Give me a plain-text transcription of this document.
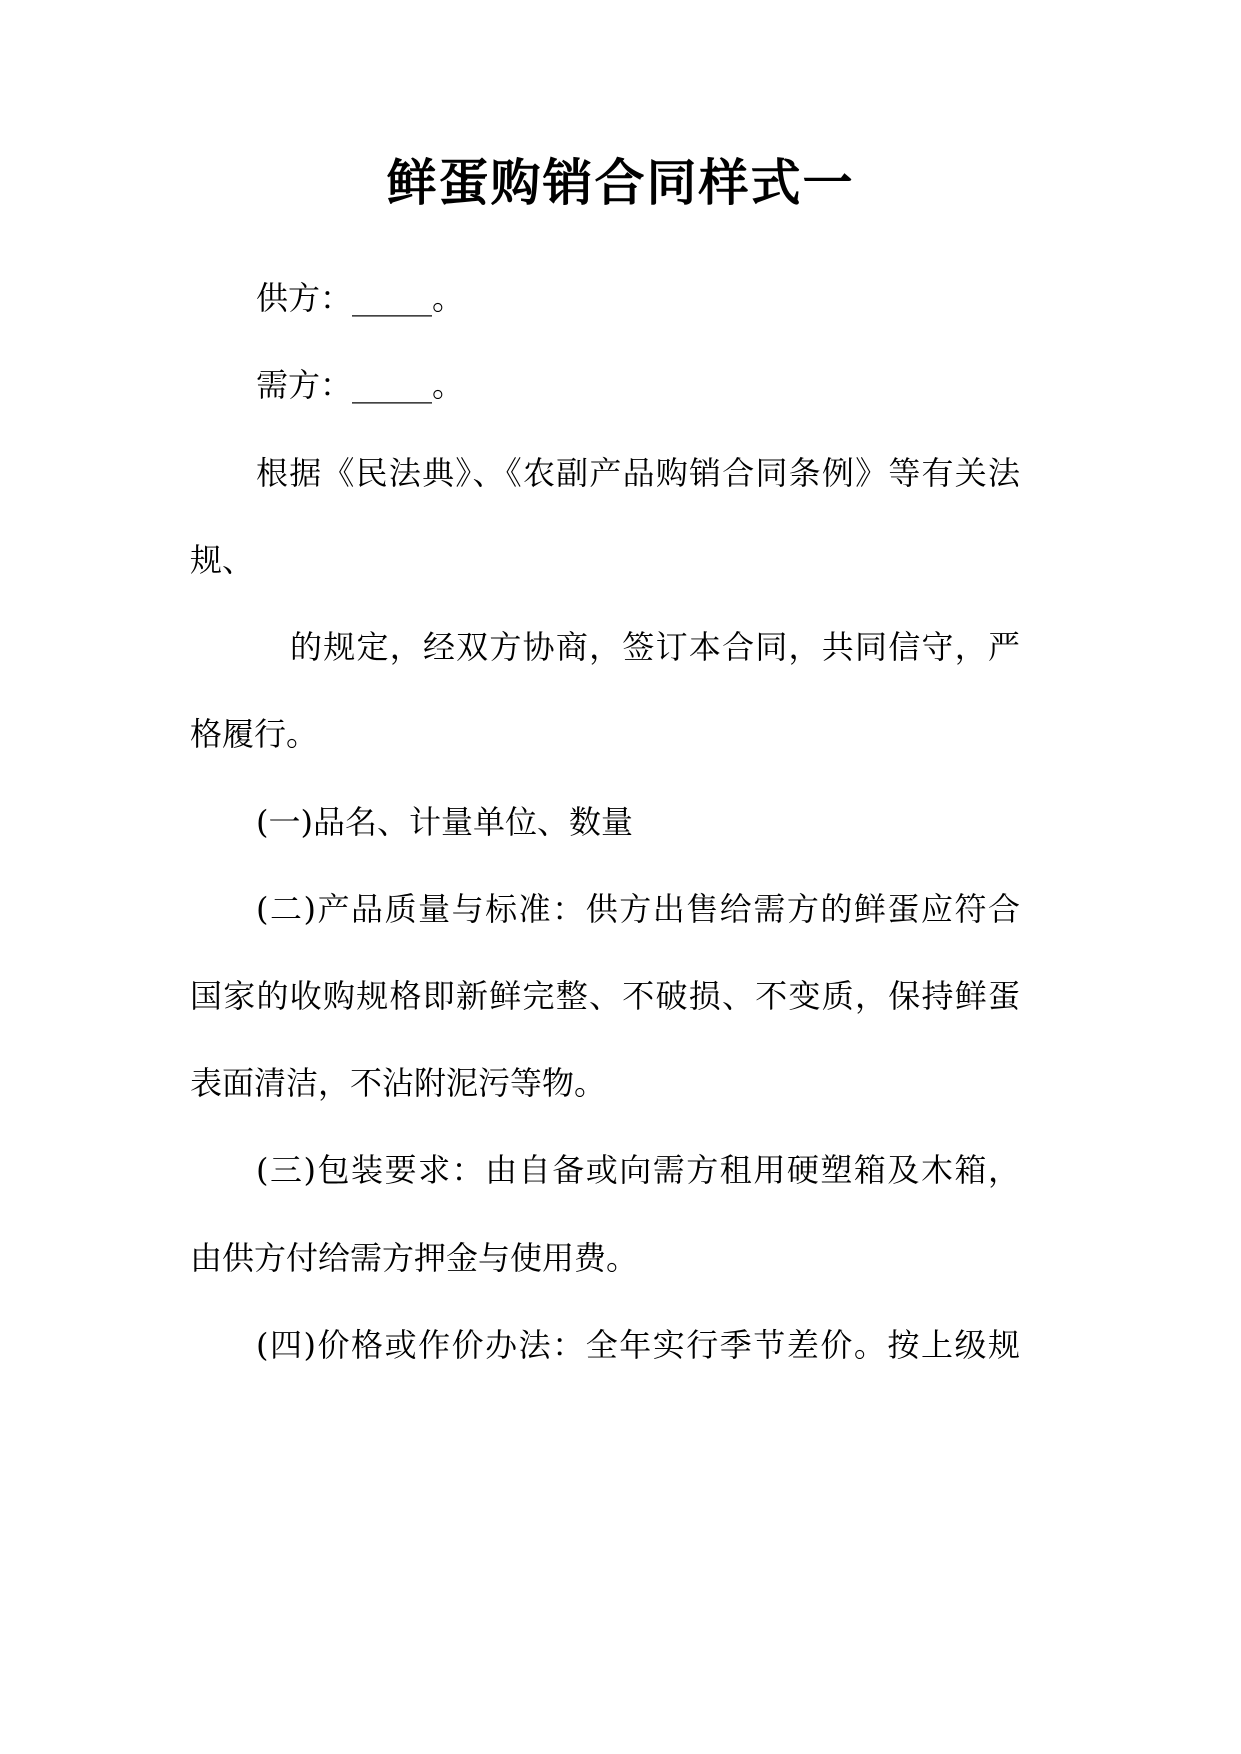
鲜蛋购销合同样式一
供方：_____。
需方：_____。
根据《民法典》、《农副产品购销合同条例》等有关法
规、
的规定，经双方协商，签订本合同，共同信守，严
格履行。
(一)品名、计量单位、数量
(二)产品质量与标准：供方出售给需方的鲜蛋应符合
国家的收购规格即新鲜完整、不破损、不变质，保持鲜蛋
表面清洁，不沾附泥污等物。
(三)包装要求：由自备或向需方租用硬塑箱及木箱，
由供方付给需方押金与使用费。
(四)价格或作价办法：全年实行季节差价。按上级规
